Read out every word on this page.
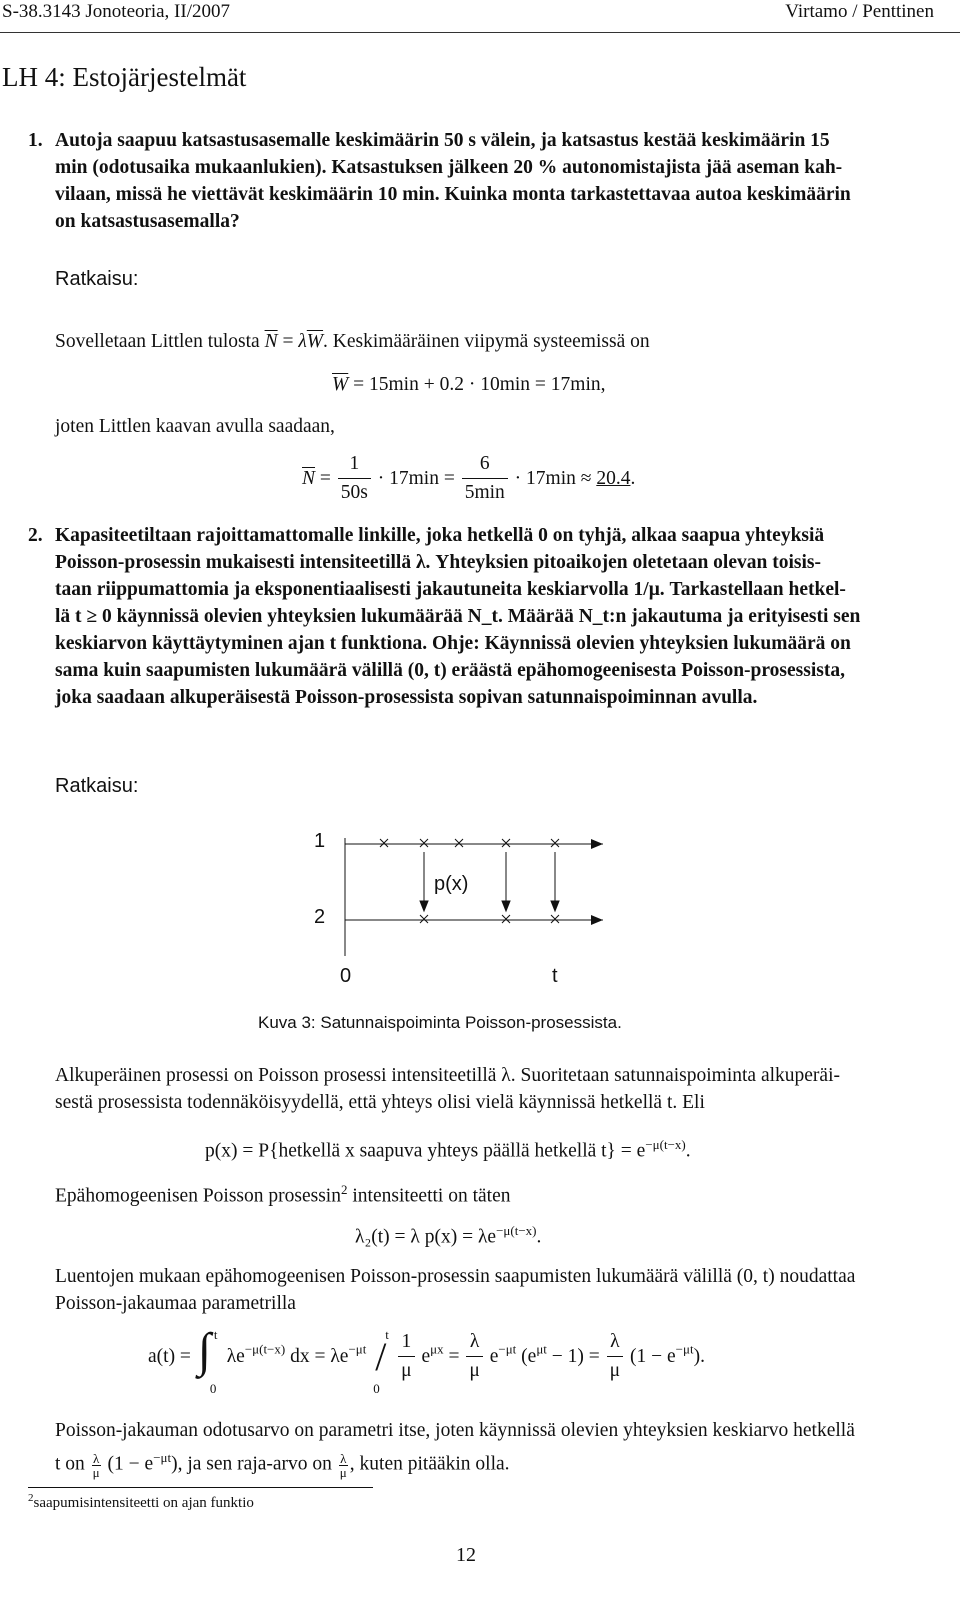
S-38.3143 Jonoteoria, II/2007	Virtamo / Penttinen
LH 4: Estojärjestelmät
1. Autoja saapuu katsastusasemalle keskimäärin 50 s välein, ja katsastus kestää keskimäärin 15
min (odotusaika mukaanlukien). Katsastuksen jälkeen 20 % autonomistajista jää aseman kah-
vilaan, missä he viettävät keskimäärin 10 min. Kuinka monta tarkastettavaa autoa keskimäärin
on katsastusasemalla?
Ratkaisu:
Sovelletaan Littlen tulosta $\overline{N} = \lambda\overline{W}$. Keskimääräinen viipymä systeemissä on
$\overline{W} = 15\min + 0.2 \cdot 10\min = 17\min$,
joten Littlen kaavan avulla saadaan,
$\overline{N} = \frac{1}{50s} \cdot 17\min = \frac{6}{5\min} \cdot 17\min \approx 20.4$.
2. Kapasiteetiltaan rajoittamattomalle linkille, joka hetkellä 0 on tyhjä, alkaa saapua yhteyksiä
Poisson-prosessin mukaisesti intensiteetillä λ. Yhteyksien pitoaikojen oletetaan olevan toisis-
taan riippumattomia ja eksponentiaalisesti jakautuneita keskiarvolla 1/μ. Tarkastellaan hetkel-
lä t ≥ 0 käynnissä olevien yhteyksien lukumäärää N_t. Määrää N_t:n jakautuma ja erityisesti sen
keskiarvon käyttäytyminen ajan t funktiona. Ohje: Käynnissä olevien yhteyksien lukumäärä on
sama kuin saapumisten lukumäärä välillä (0, t) eräästä epähomogeenisesta Poisson-prosessista,
joka saadaan alkuperäisestä Poisson-prosessista sopivan satunnaispoiminnan avulla.
Ratkaisu:
1
2
p(x)
0	t
Kuva 3: Satunnaispoiminta Poisson-prosessista.
Alkuperäinen prosessi on Poisson prosessi intensiteetillä λ. Suoritetaan satunnaispoiminta alkuperäi-
sestä prosessista todennäköisyydellä, että yhteys olisi vielä käynnissä hetkellä t. Eli
p(x) = P{hetkellä x saapuva yhteys päällä hetkellä $t\} = e^{-\mu(t-x)}$.
Epähomogeenisen Poisson prosessin$^2$ intensiteetti on täten
λ₂(t) = λ $p(x) = \lambda e^{-\mu(t-x)}$.
Luentojen mukaan epähomogeenisen Poisson-prosessin saapumisten lukumäärä välillä (0, t) noudattaa
Poisson-jakaumaa parametrilla
a(t) = ∫ t
0
$\lambda e^{-\mu(t-x)}$ dx = $\lambda e^{-\mu t}$ /
t
0

$\frac{1}{\mu} e^{\mu x} = \frac{\lambda}{\mu} e^{-\mu t}$ $(e^{\mu t} - 1) = \frac{\lambda}{\mu} (1 - e^{-\mu t})$.
Poisson-jakauman odotusarvo on parametri itse, joten käynnissä olevien yhteyksien keskiarvo hetkellä
t on $\frac{\lambda}{\mu} (1 - e^{-\mu t})$, ja sen raja-arvo on $\frac{\lambda}{\mu}$ , kuten pitääkin olla.
$^2$saapumisintensiteetti on ajan funktio
12
